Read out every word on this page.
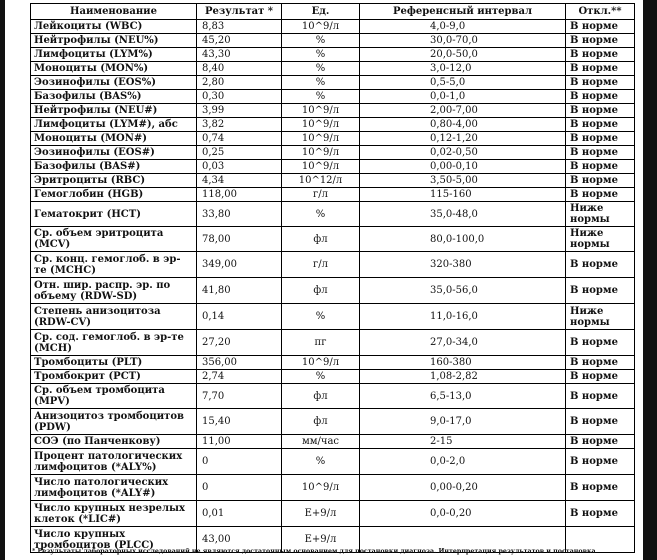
Наименование	Результат *	Ед.	Референсный интервал	Откл.**
Лейкоциты (WBC)	8,83	10^9/л	4,0-9,0	В норме
Нейтрофилы (NEU%)	45,20	%	30,0-70,0	В норме
Лимфоциты (LYM%)	43,30	%	20,0-50,0	В норме
Моноциты (MON%)	8,40	%	3,0-12,0	В норме
Эозинофилы (EOS%)	2,80	%	0,5-5,0	В норме
Базофилы (BAS%)	0,30	%	0,0-1,0	В норме
Нейтрофилы (NEU#)	3,99	10^9/л	2,00-7,00	В норме
Лимфоциты (LYM#), абс	3,82	10^9/л	0,80-4,00	В норме
Моноциты (MON#)	0,74	10^9/л	0,12-1,20	В норме
Эозинофилы (EOS#)	0,25	10^9/л	0,02-0,50	В норме
Базофилы (BAS#)	0,03	10^9/л	0,00-0,10	В норме
Эритроциты (RBC)	4,34	10^12/л	3,50-5,00	В норме
Гемоглобин (HGB)	118,00	г/л	115-160	В норме
Гематокрит (HCT)	33,80	%	35,0-48,0	Ниже нормы
Ср. объем эритроцита (MCV)	78,00	фл	80,0-100,0	Ниже нормы
Ср. конц. гемоглоб. в эр-те (MCHC)	349,00	г/л	320-380	В норме
Отн. шир. распр. эр. по объему (RDW-SD)	41,80	фл	35,0-56,0	В норме
Степень анизоцитоза (RDW-CV)	0,14	%	11,0-16,0	Ниже нормы
Ср. сод. гемоглоб. в эр-те (MCH)	27,20	пг	27,0-34,0	В норме
Тромбоциты (PLT)	356,00	10^9/л	160-380	В норме
Тромбокрит (PCT)	2,74	%	1,08-2,82	В норме
Ср. объем тромбоцита (MPV)	7,70	фл	6,5-13,0	В норме
Анизоцитоз тромбоцитов (PDW)	15,40	фл	9,0-17,0	В норме
СОЭ (по Панченкову)	11,00	мм/час	2-15	В норме
Процент патологических лимфоцитов (*ALY%)	0	%	0,0-2,0	В норме
Число патологических лимфоцитов (*ALY#)	0	10^9/л	0,00-0,20	В норме
Число крупных незрелых клеток (*LIC#)	0,01	E+9/л	0,0-0,20	В норме
Число крупных тромбоцитов (PLCC)	43,00	E+9/л		
* Результаты лабораторных исследований не являются достаточным основанием для постановки диагноза. Интерпретация результатов и постановка
